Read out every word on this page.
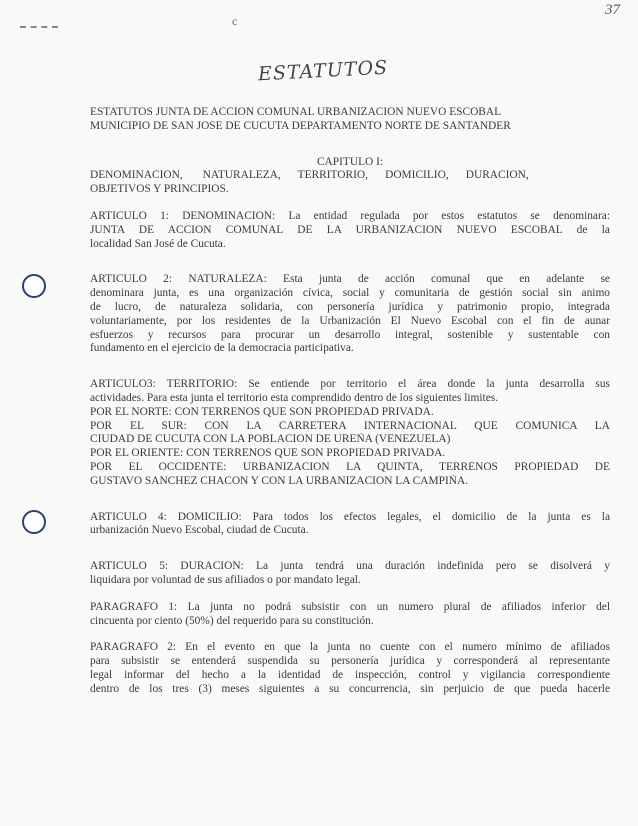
c
37
ESTATUTOS
ESTATUTOS JUNTA DE ACCION COMUNAL URBANIZACION NUEVO ESCOBAL
MUNICIPIO DE SAN JOSE DE CUCUTA DEPARTAMENTO NORTE DE SANTANDER
CAPITULO I:
DENOMINACION,       NATURALEZA,      TERRITORIO,      DOMICILIO,      DURACION,
OBJETIVOS Y PRINCIPIOS.
ARTICULO 1: DENOMINACION: La entidad regulada por estos estatutos se denominara:
JUNTA DE ACCION COMUNAL DE LA URBANIZACION NUEVO ESCOBAL de la
localidad San José de Cucuta.
ARTICULO 2: NATURALEZA: Esta junta de acción comunal que en adelante se
denominara junta, es una organización cívica, social y comunitaria de gestión social sin animo
de lucro, de naturaleza solidaria, con personería jurídica y patrimonio propio, integrada
voluntariamente, por los residentes de la Urbanización El Nuevo Escobal con el fin de aunar
esfuerzos y recursos para procurar un desarrollo integral, sostenible y sustentable con
fundamento en el ejercicio de la democracia participativa.
ARTICULO3: TERRITORIO: Se entiende por territorio el área donde la junta desarrolla sus
actividades. Para esta junta el territorio esta comprendido dentro de los siguientes limites.
POR EL NORTE: CON TERRENOS QUE SON PROPIEDAD PRIVADA.
POR EL SUR: CON LA CARRETERA INTERNACIONAL QUE COMUNICA LA
CIUDAD DE CUCUTA CON LA POBLACION DE UREÑA (VENEZUELA)
POR EL ORIENTE: CON TERRENOS QUE SON PROPIEDAD PRIVADA.
POR EL OCCIDENTE: URBANIZACION LA QUINTA, TERRENOS PROPIEDAD DE
GUSTAVO SANCHEZ CHACON Y CON LA URBANIZACION LA CAMPIÑA.
ARTICULO 4: DOMICILIO: Para todos los efectos legales, el domicilio de la junta es la
urbanización Nuevo Escobal, ciudad de Cucuta.
ARTICULO 5: DURACION: La junta tendrá una duración indefinida pero se disolverá y
liquidara por voluntad de sus afiliados o por mandato legal.
PARAGRAFO 1: La junta no podrá subsistir con un numero plural de afiliados inferior del
cincuenta por ciento (50%) del requerido para su constitución.
PARAGRAFO 2: En el evento en que la junta no cuente con el numero mínimo de afiliados
para subsistir se entenderá suspendida su personería jurídica y corresponderá al representante
legal informar del hecho a la identidad de inspección, control y vigilancia correspondiente
dentro de los tres (3) meses siguientes a su concurrencia, sin perjuicio de que pueda hacerle
